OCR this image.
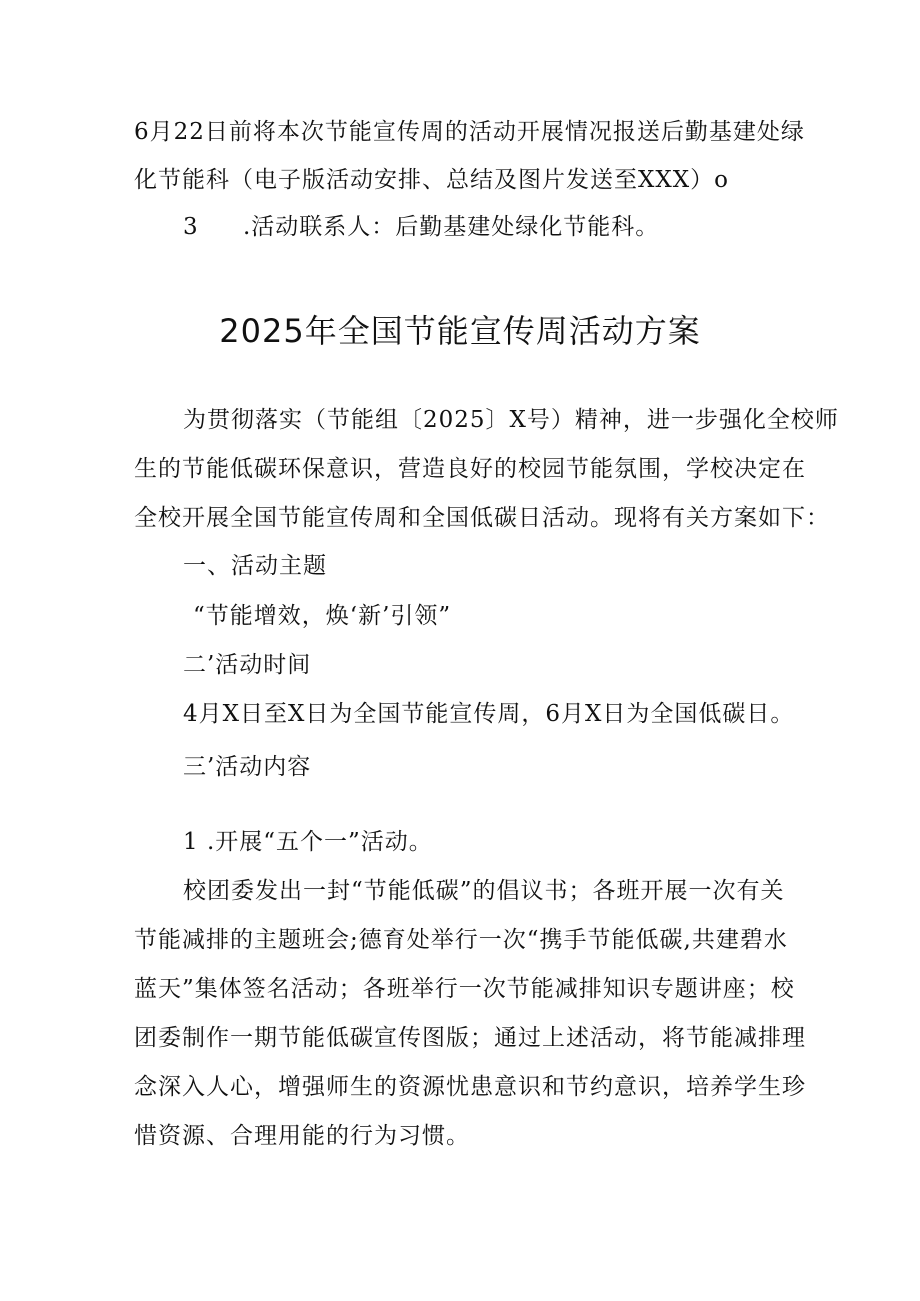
6月22日前将本次节能宣传周的活动开展情况报送后勤基建处绿
化节能科（电子版活动安排、总结及图片发送至XXX）o
3 .活动联系人：后勤基建处绿化节能科。
2025年全国节能宣传周活动方案
为贯彻落实（节能组〔2025〕X号）精神，进一步强化全校师
生的节能低碳环保意识，营造良好的校园节能氛围，学校决定在
全校开展全国节能宣传周和全国低碳日活动。现将有关方案如下：
一、活动主题
“节能增效，焕‘新’引领”
二’活动时间
4月X日至X日为全国节能宣传周，6月X日为全国低碳日。
三’活动内容
1 .开展“五个一”活动。
校团委发出一封“节能低碳”的倡议书；各班开展一次有关
节能减排的主题班会;德育处举行一次“携手节能低碳,共建碧水
蓝天”集体签名活动；各班举行一次节能减排知识专题讲座；校
团委制作一期节能低碳宣传图版；通过上述活动，将节能减排理
念深入人心，增强师生的资源忧患意识和节约意识，培养学生珍
惜资源、合理用能的行为习惯。
